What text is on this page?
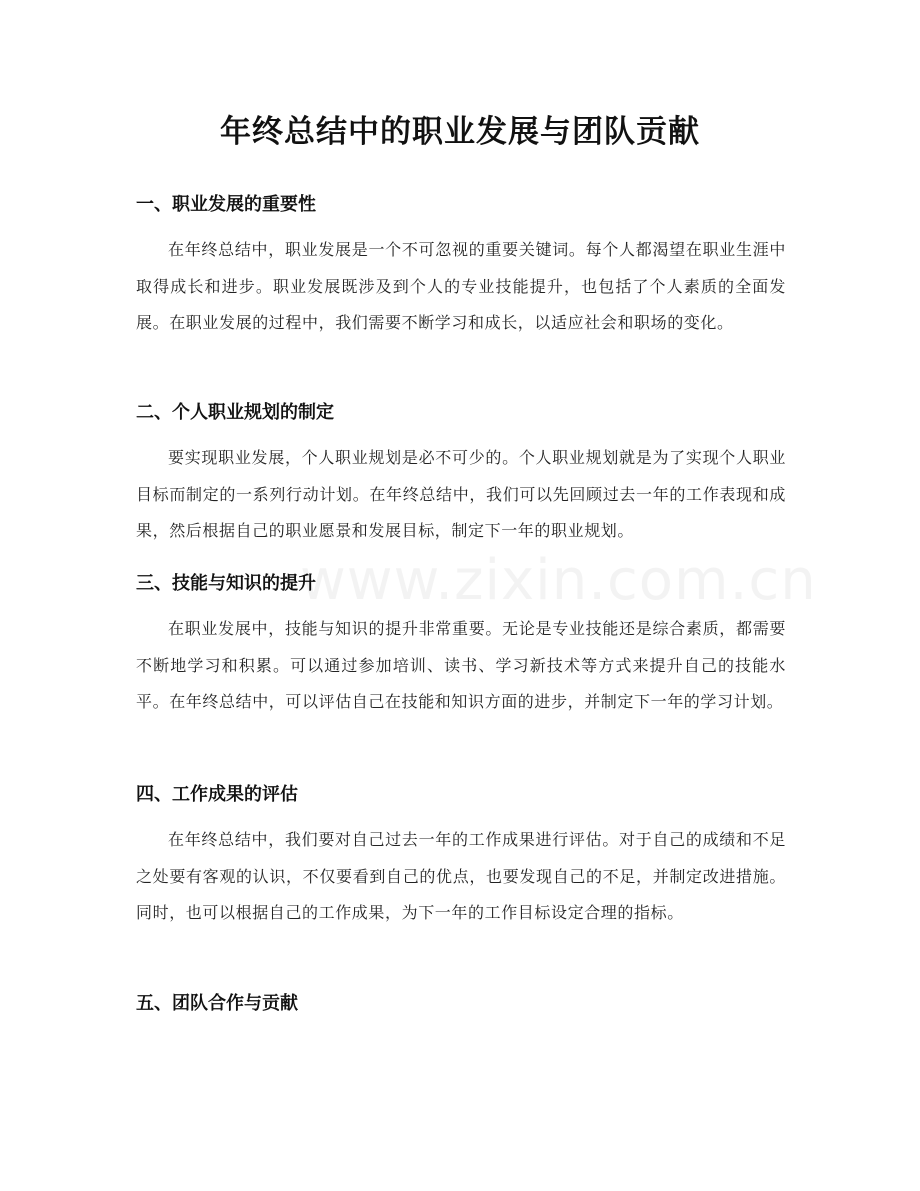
年终总结中的职业发展与团队贡献
www.zixin.com.cn
一、职业发展的重要性

在年终总结中，职业发展是一个不可忽视的重要关键词。每个人都渴望在职业生涯中取得成长和进步。职业发展既涉及到个人的专业技能提升，也包括了个人素质的全面发展。在职业发展的过程中，我们需要不断学习和成长，以适应社会和职场的变化。

二、个人职业规划的制定

要实现职业发展，个人职业规划是必不可少的。个人职业规划就是为了实现个人职业目标而制定的一系列行动计划。在年终总结中，我们可以先回顾过去一年的工作表现和成果，然后根据自己的职业愿景和发展目标，制定下一年的职业规划。

三、技能与知识的提升

在职业发展中，技能与知识的提升非常重要。无论是专业技能还是综合素质，都需要不断地学习和积累。可以通过参加培训、读书、学习新技术等方式来提升自己的技能水平。在年终总结中，可以评估自己在技能和知识方面的进步，并制定下一年的学习计划。

四、工作成果的评估

在年终总结中，我们要对自己过去一年的工作成果进行评估。对于自己的成绩和不足之处要有客观的认识，不仅要看到自己的优点，也要发现自己的不足，并制定改进措施。同时，也可以根据自己的工作成果，为下一年的工作目标设定合理的指标。

五、团队合作与贡献
